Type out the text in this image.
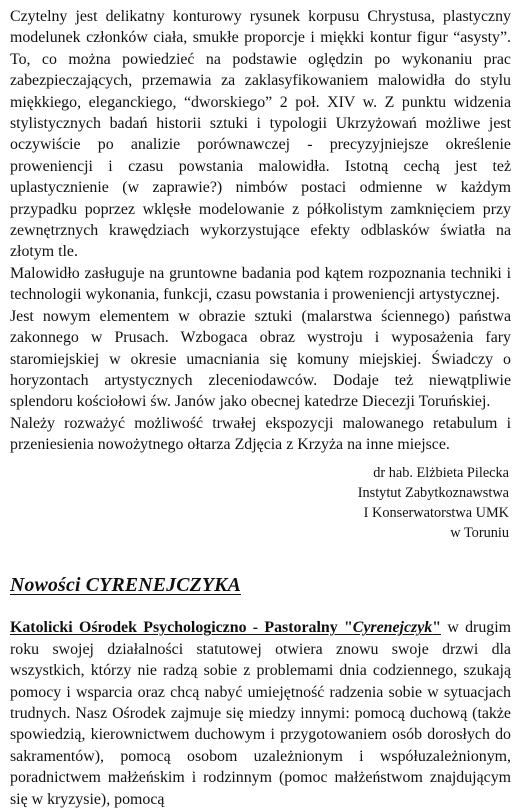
Czytelny jest delikatny konturowy rysunek korpusu Chrystusa, plastyczny modelunek członków ciała, smukłe proporcje i miękki kontur figur “asysty”. To, co można powiedzieć na podstawie oględzin po wykonaniu prac zabezpieczających, przemawia za zaklasyfikowaniem malowidła do stylu miękkiego, eleganckiego, “dworskiego” 2 poł. XIV w. Z punktu widzenia stylistycznych badań historii sztuki i typologii Ukrzyżowań możliwe jest oczywiście po analizie porównawczej - precyzyjniejsze określenie proweniencji i czasu powstania malowidła. Istotną cechą jest też uplastycznienie (w zaprawie?) nimbów postaci odmienne w każdym przypadku poprzez wklęsłe modelowanie z półkolistym zamknięciem przy zewnętrznych krawędziach wykorzystujące efekty odblasków światła na złotym tle.

Malowidło zasługuje na gruntowne badania pod kątem rozpoznania techniki i technologii wykonania, funkcji, czasu powstania i proweniencji artystycznej.

Jest nowym elementem w obrazie sztuki (malarstwa ściennego) państwa zakonnego w Prusach. Wzbogaca obraz wystroju i wyposażenia fary staromiejskiej w okresie umacniania się komuny miejskiej. Świadczy o horyzontach artystycznych zleceniodawców. Dodaje też niewątpliwie splendoru kościołowi św. Janów jako obecnej katedrze Diecezji Toruńskiej.

Należy rozważyć możliwość trwałej ekspozycji malowanego retabulum i przeniesienia nowożytnego ołtarza Zdjęcia z Krzyża na inne miejsce.

dr hab. Elżbieta Pilecka
Instytut Zabytkoznawstwa
I Konserwatorstwa UMK
w Toruniu
Nowości CYRENEJCZYKA

Katolicki Ośrodek Psychologiczno - Pastoralny "Cyrenejczyk" w drugim roku swojej działalności statutowej otwiera znowu swoje drzwi dla wszystkich, którzy nie radzą sobie z problemami dnia codziennego, szukają pomocy i wsparcia oraz chcą nabyć umiejętność radzenia sobie w sytuacjach trudnych. Nasz Ośrodek zajmuje się miedzy innymi: pomocą duchową (także spowiedzią, kierownictwem duchowym i przygotowaniem osób dorosłych do sakramentów), pomocą osobom uzależnionym i współuzależnionym, poradnictwem małżeńskim i rodzinnym (pomoc małżeństwom znajdującym się w kryzysie), pomocą
